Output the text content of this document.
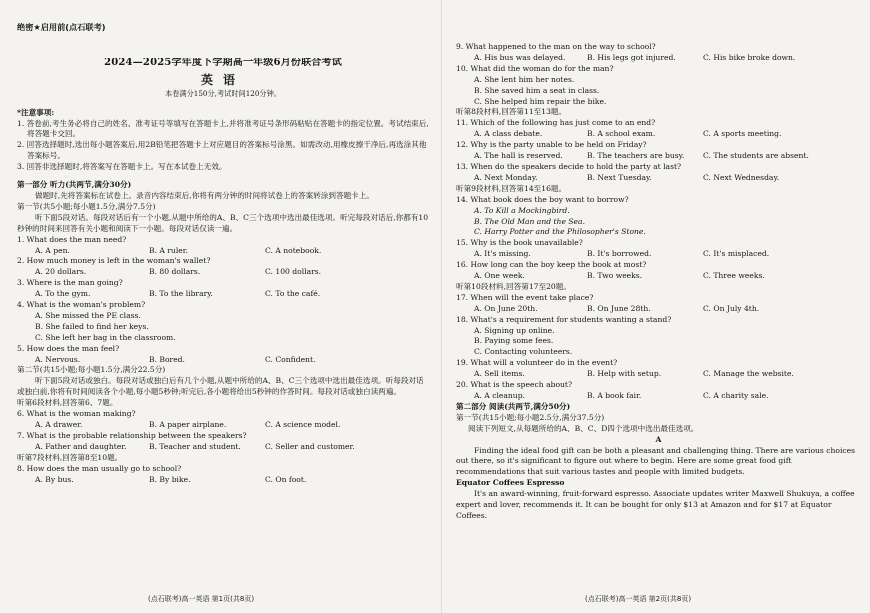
绝密★启用前(点石联考)
2024—2025学年度下学期高一年级6月份联合考试
英语
本卷满分150分,考试时间120分钟。
*注意事项:
1. 答卷前,考生务必将自己的姓名、准考证号等填写在答题卡上,并将准考证号条形码粘贴在答题卡的指定位置。考试结束后,将答题卡交回。
2. 回答选择题时,选出每小题答案后,用2B铅笔把答题卡上对应题目的答案标号涂黑。如需改动,用橡皮擦干净后,再选涂其他答案标号。
3. 回答非选择题时,将答案写在答题卡上。写在本试卷上无效。
第一部分 听力(共两节,满分30分)
做题时,先将答案标在试卷上。录音内容结束后,你将有两分钟的时间将试卷上的答案转涂到答题卡上。
第一节(共5小题;每小题1.5分,满分7.5分)
听下面5段对话。每段对话后有一个小题,从题中所给的A、B、C三个选项中选出最佳选项。听完每段对话后,你都有10秒钟的时间来回答有关小题和阅读下一小题。每段对话仅读一遍。
1. What does the man need?
A. A pen.	B. A ruler.	C. A notebook.
2. How much money is left in the woman's wallet?
A. 20 dollars.	B. 80 dollars.	C. 100 dollars.
3. Where is the man going?
A. To the gym.	B. To the library.	C. To the café.
4. What is the woman's problem?
A. She missed the PE class.
B. She failed to find her keys.
C. She left her bag in the classroom.
5. How does the man feel?
A. Nervous.	B. Bored.	C. Confident.
第二节(共15小题;每小题1.5分,满分22.5分)
听下面5段对话或独白。每段对话或独白后有几个小题,从题中所给的A、B、C三个选项中选出最佳选项。听每段对话或独白前,你将有时间阅读各个小题,每小题5秒钟;听完后,各小题将给出5秒钟的作答时间。每段对话或独白读两遍。
听第6段材料,回答第6、7题。
6. What is the woman making?
A. A drawer.	B. A paper airplane.	C. A science model.
7. What is the probable relationship between the speakers?
A. Father and daughter.	B. Teacher and student.	C. Seller and customer.
听第7段材料,回答第8至10题。
8. How does the man usually go to school?
A. By bus.	B. By bike.	C. On foot.
9. What happened to the man on the way to school?
A. His bus was delayed.	B. His legs got injured.	C. His bike broke down.
10. What did the woman do for the man?
A. She lent him her notes.
B. She saved him a seat in class.
C. She helped him repair the bike.
听第8段材料,回答第11至13题。
11. Which of the following has just come to an end?
A. A class debate.	B. A school exam.	C. A sports meeting.
12. Why is the party unable to be held on Friday?
A. The hall is reserved.	B. The teachers are busy.	C. The students are absent.
13. When do the speakers decide to hold the party at last?
A. Next Monday.	B. Next Tuesday.	C. Next Wednesday.
听第9段材料,回答第14至16题。
14. What book does the boy want to borrow?
A. To Kill a Mockingbird.
B. The Old Man and the Sea.
C. Harry Potter and the Philosopher's Stone.
15. Why is the book unavailable?
A. It's missing.	B. It's borrowed.	C. It's misplaced.
16. How long can the boy keep the book at most?
A. One week.	B. Two weeks.	C. Three weeks.
听第10段材料,回答第17至20题。
17. When will the event take place?
A. On June 20th.	B. On June 28th.	C. On July 4th.
18. What's a requirement for students wanting a stand?
A. Signing up online.
B. Paying some fees.
C. Contacting volunteers.
19. What will a volunteer do in the event?
A. Sell items.	B. Help with setup.	C. Manage the website.
20. What is the speech about?
A. A cleanup.	B. A book fair.	C. A charity sale.
第二部分 阅读(共两节,满分50分)
第一节(共15小题;每小题2.5分,满分37.5分)
阅读下列短文,从每题所给的A、B、C、D四个选项中选出最佳选项。
A
Finding the ideal food gift can be both a pleasant and challenging thing. There are various choices out there, so it's significant to figure out where to begin. Here are some great food gift recommendations that suit various tastes and people with limited budgets.
Equator Coffees Espresso
It's an award-winning, fruit-forward espresso. Associate updates writer Maxwell Shukuya, a coffee expert and lover, recommends it. It can be bought for only $13 at Amazon and for $17 at Equator Coffees.
(点石联考)高一英语 第1页(共8页)	(点石联考)高一英语 第2页(共8页)
